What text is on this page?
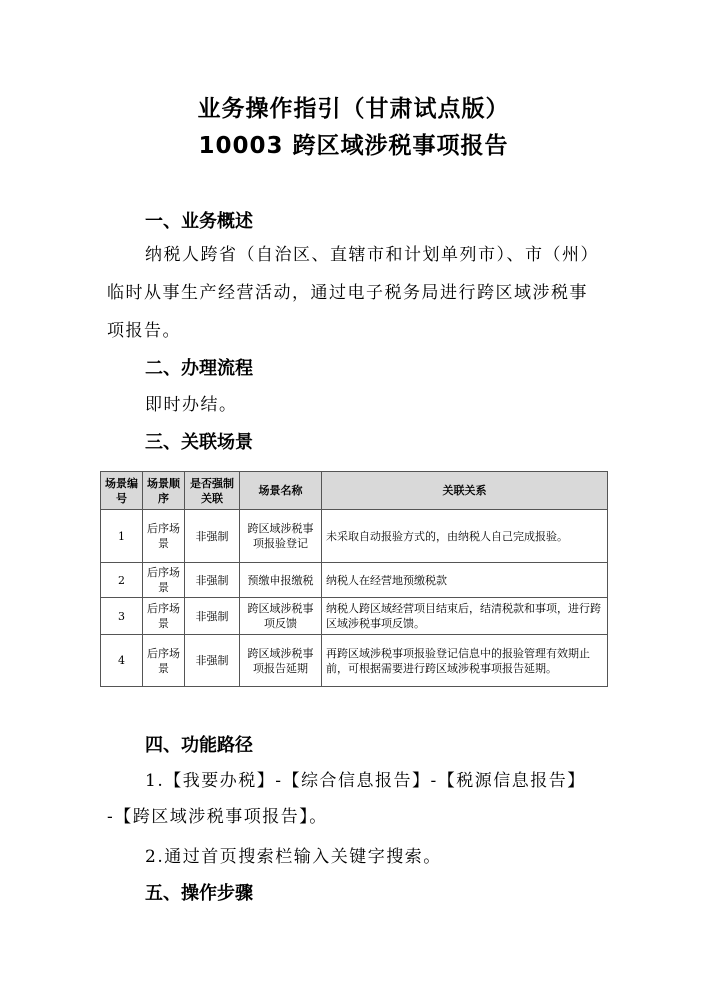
业务操作指引（甘肃试点版）
10003 跨区域涉税事项报告
一、业务概述
纳税人跨省（自治区、直辖市和计划单列市）、市（州）
临时从事生产经营活动，通过电子税务局进行跨区域涉税事
项报告。
二、办理流程
即时办结。
三、关联场景
场景编号	场景顺序	是否强制关联	场景名称	关联关系
1	后序场景	非强制	跨区域涉税事项报验登记	未采取自动报验方式的，由纳税人自己完成报验。
2	后序场景	非强制	预缴申报缴税	纳税人在经营地预缴税款
3	后序场景	非强制	跨区域涉税事项反馈	纳税人跨区域经营项目结束后，结清税款和事项，进行跨区域涉税事项反馈。
4	后序场景	非强制	跨区域涉税事项报告延期	再跨区域涉税事项报验登记信息中的报验管理有效期止前，可根据需要进行跨区域涉税事项报告延期。
四、功能路径
1.【我要办税】-【综合信息报告】-【税源信息报告】
-【跨区域涉税事项报告】。
2.通过首页搜索栏输入关键字搜索。
五、操作步骤
